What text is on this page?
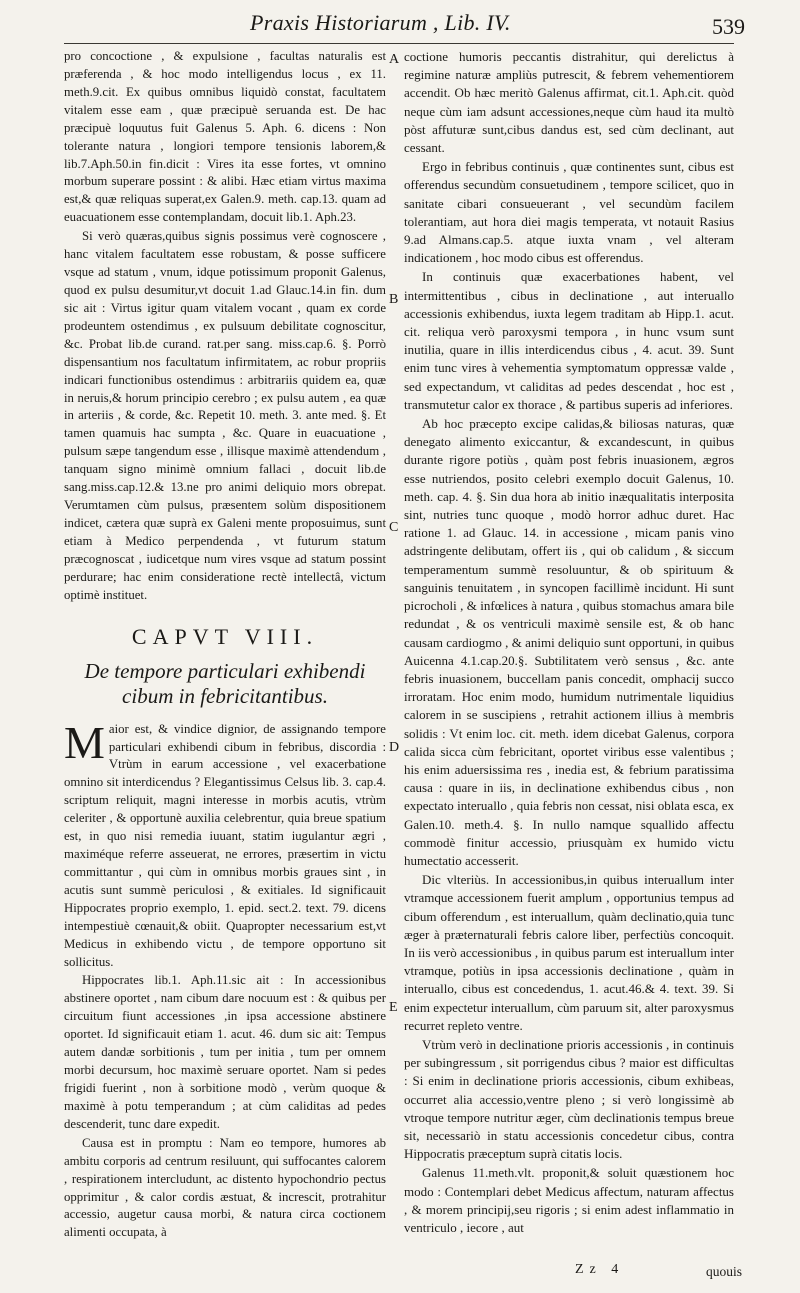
Praxis Historiarum , Lib. IV.	539
A
B
C
D
E

pro concoctione , & expulsione , facultas naturalis est præferenda , & hoc modo intelligendus locus , ex 11. meth.9.cit. Ex quibus omnibus liquidò constat, facultatem vitalem esse eam , quæ præcipuè seruanda est. De hac præcipuè loquutus fuit Galenus 5. Aph. 6. dicens : Non tolerante natura , longiori tempore tensionis laborem,& lib.7.Aph.50.in fin.dicit : Vires ita esse fortes, vt omnino morbum superare possint : & alibi. Hæc etiam virtus maxima est,& quæ reliquas superat,ex Galen.9. meth. cap.13. quam ad euacuationem esse contemplandam, docuit lib.1. Aph.23.

Si verò quæras,quibus signis possimus verè cognoscere , hanc vitalem facultatem esse robustam, & posse sufficere vsque ad statum , vnum, idque potissimum proponit Galenus, quod ex pulsu desumitur,vt docuit 1.ad Glauc.14.in fin. dum sic ait : Virtus igitur quam vitalem vocant , quam ex corde prodeuntem ostendimus , ex pulsuum debilitate cognoscitur, &c. Probat lib.de curand. rat.per sang. miss.cap.6. §. Porrò dispensantium nos facultatum infirmitatem, ac robur propriis indicari functionibus ostendimus : arbitrariis quidem ea, quæ in neruis,& horum principio cerebro ; ex pulsu autem , ea quæ in arteriis , & corde, &c. Repetit 10. meth. 3. ante med. §. Et tamen quamuis hac sumpta , &c. Quare in euacuatione , pulsum sæpe tangendum esse , illisque maximè attendendum , tanquam signo minimè omnium fallaci , docuit lib.de sang.miss.cap.12.& 13.ne pro animi deliquio mors obrepat. Verumtamen cùm pulsus, præsentem solùm dispositionem indicet, cætera quæ suprà ex Galeni mente proposuimus, sunt etiam à Medico perpendenda , vt futurum statum præcognoscat , iudicetque num vires vsque ad statum possint perdurare; hac enim consideratione rectè intellectâ, victum optimè instituet.

CAPVT VIII.
De tempore particulari exhibendi cibum in febricitantibus.

Maior est, & vindice dignior, de assignando tempore particulari exhibendi cibum in febribus, discordia : Vtrùm in earum accessione , vel exacerbatione omnino sit interdicendus ? Elegantissimus Celsus lib. 3. cap.4. scriptum reliquit, magni interesse in morbis acutis, vtrùm celeriter , & opportunè auxilia celebrentur, quia breue spatium est, in quo nisi remedia iuuant, statim iugulantur ægri , maximéque referre asseuerat, ne errores, præsertim in victu committantur , qui cùm in omnibus morbis graues sint , in acutis sunt summè periculosi , & exitiales. Id significauit Hippocrates proprio exemplo, 1. epid. sect.2. text. 79. dicens intempestiuè cœnauit,& obiit. Quapropter necessarium est,vt Medicus in exhibendo victu , de tempore opportuno sit sollicitus.

Hippocrates lib.1. Aph.11.sic ait : In accessionibus abstinere oportet , nam cibum dare nocuum est : & quibus per circuitum fiunt accessiones ,in ipsa accessione abstinere oportet. Id significauit etiam 1. acut. 46. dum sic ait: Tempus autem dandæ sorbitionis , tum per initia , tum per omnem morbi decursum, hoc maximè seruare oportet. Nam si pedes frigidi fuerint , non à sorbitione modò , verùm quoque & maximè à potu temperandum ; at cùm caliditas ad pedes descenderit, tunc dare expedit.

Causa est in promptu : Nam eo tempore, humores ab ambitu corporis ad centrum resiluunt, qui suffocantes calorem , respirationem intercludunt, ac distento hypochondrio pectus opprimitur , & calor cordis æstuat, & increscit, protrahitur accessio, augetur causa morbi, & natura circa coctionem alimenti occupata, à

coctione humoris peccantis distrahitur, qui derelictus à regimine naturæ ampliùs putrescit, & febrem vehementiorem accendit. Ob hæc meritò Galenus affirmat, cit.1. Aph.cit. quòd neque cùm iam adsunt accessiones,neque cùm haud ita multò pòst affuturæ sunt,cibus dandus est, sed cùm declinant, aut cessant.

Ergo in febribus continuis , quæ continentes sunt, cibus est offerendus secundùm consuetudinem , tempore scilicet, quo in sanitate cibari consueuerant , vel secundùm facilem tolerantiam, aut hora diei magis temperata, vt notauit Rasius 9.ad Almans.cap.5. atque iuxta vnam , vel alteram indicationem , hoc modo cibus est offerendus.

In continuis quæ exacerbationes habent, vel intermittentibus , cibus in declinatione , aut interuallo accessionis exhibendus, iuxta legem traditam ab Hipp.1. acut. cit. reliqua verò paroxysmi tempora , in hunc vsum sunt inutilia, quare in illis interdicendus cibus , 4. acut. 39. Sunt enim tunc vires à vehementia symptomatum oppressæ valde , sed expectandum, vt caliditas ad pedes descendat , hoc est , transmutetur calor ex thorace , & partibus superis ad inferiores.

Ab hoc præcepto excipe calidas,& biliosas naturas, quæ denegato alimento exiccantur, & excandescunt, in quibus durante rigore potiùs , quàm post febris inuasionem, ægros esse nutriendos, posito celebri exemplo docuit Galenus, 10. meth. cap. 4. §. Sin dua hora ab initio inæqualitatis interposita sint, nutries tunc quoque , modò horror adhuc duret. Hac ratione 1. ad Glauc. 14. in accessione , micam panis vino adstringente delibutam, offert iis , qui ob calidum , & siccum temperamentum summè resoluuntur, & ob spirituum & sanguinis tenuitatem , in syncopen facillimè incidunt. Hi sunt picrocholi , & infœlices à natura , quibus stomachus amara bile redundat , & os ventriculi maximè sensile est, & ob hanc causam cardiogmo , & animi deliquio sunt opportuni, in quibus Auicenna 4.1.cap.20.§. Subtilitatem verò sensus , &c. ante febris inuasionem, buccellam panis concedit, omphacij succo irroratam. Hoc enim modo, humidum nutrimentale liquidius calorem in se suscipiens , retrahit actionem illius à membris solidis : Vt enim loc. cit. meth. idem dicebat Galenus, corpora calida sicca cùm febricitant, oportet viribus esse valentibus ; his enim aduersissima res , inedia est, & febrium paratissima causa : quare in iis, in declinatione exhibendus cibus , non expectato interuallo , quia febris non cessat, nisi oblata esca, ex Galen.10. meth.4. §. In nullo namque squallido affectu commodè finitur accessio, priusquàm ex humido victu humectatio accesserit.

Dic vlteriùs. In accessionibus,in quibus interuallum inter vtramque accessionem fuerit amplum , opportunius tempus ad cibum offerendum , est interuallum, quàm declinatio,quia tunc æger à præternaturali febris calore liber, perfectiùs concoquit. In iis verò accessionibus , in quibus parum est interuallum inter vtramque, potiùs in ipsa accessionis declinatione , quàm in interuallo, cibus est concedendus, 1. acut.46.& 4. text. 39. Si enim expectetur interuallum, cùm paruum sit, alter paroxysmus recurret repleto ventre.

Vtrùm verò in declinatione prioris accessionis , in continuis per subingressum , sit porrigendus cibus ? maior est difficultas : Si enim in declinatione prioris accessionis, cibum exhibeas, occurret alia accessio,ventre pleno ; si verò longissimè ab vtroque tempore nutritur æger, cùm declinationis tempus breue sit, necessariò in statu accessionis concedetur cibus, contra Hippocratis præceptum suprà citatis locis.

Galenus 11.meth.vlt. proponit,& soluit quæstionem hoc modo : Contemplari debet Medicus affectum, naturam affectus , & morem principij,seu rigoris ; si enim adest inflammatio in ventriculo , iecore , aut

Zz 4	quouis
